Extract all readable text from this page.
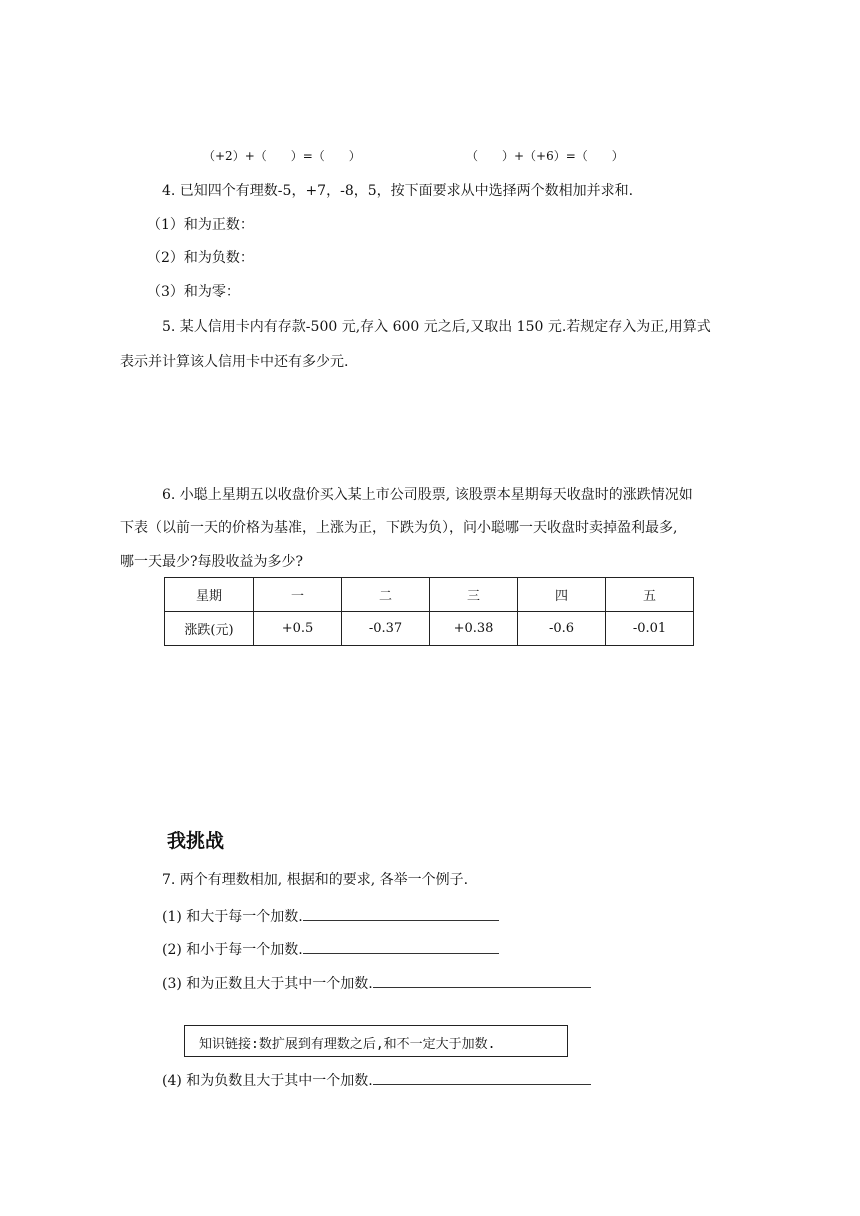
（+2）+（　　）=（　　）	（　　）+（+6）=（　　）
4. 已知四个有理数-5，+7，-8，5，按下面要求从中选择两个数相加并求和.
（1）和为正数：
（2）和为负数：
（3）和为零：
5. 某人信用卡内有存款-500 元,存入 600 元之后,又取出 150 元.若规定存入为正,用算式
表示并计算该人信用卡中还有多少元.
6. 小聪上星期五以收盘价买入某上市公司股票, 该股票本星期每天收盘时的涨跌情况如
下表（以前一天的价格为基准，上涨为正，下跌为负），问小聪哪一天收盘时卖掉盈利最多,
哪一天最少?每股收益为多少?
星期	一	二	三	四	五
涨跌(元)	+0.5	-0.37	+0.38	-0.6	-0.01
我挑战
7. 两个有理数相加, 根据和的要求, 各举一个例子.
(1) 和大于每一个加数.
(2) 和小于每一个加数.
(3) 和为正数且大于其中一个加数.
知识链接:数扩展到有理数之后,和不一定大于加数.
(4) 和为负数且大于其中一个加数.
